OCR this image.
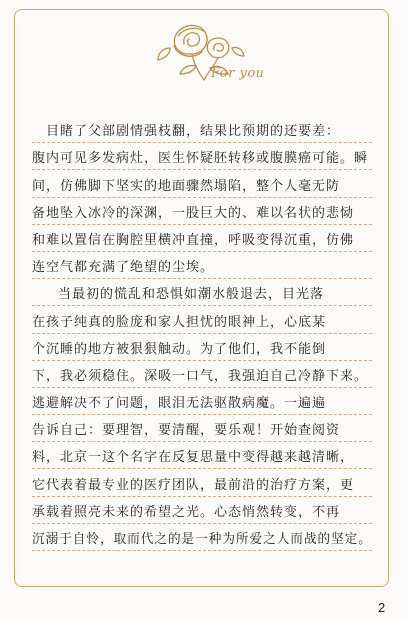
For you
目睹了父部剧情强枝翻，结果比预期的还要差：
腹内可见多发病灶，医生怀疑胚转移或腹膜癌可能。瞬
间，仿佛脚下坚实的地面骤然塌陷，整个人毫无防
备地坠入冰冷的深渊，一股巨大的、难以名状的悲恸
和难以置信在胸腔里横冲直撞，呼吸变得沉重，仿佛
连空气都充满了绝望的尘埃。
当最初的慌乱和恐惧如潮水般退去，目光落
在孩子纯真的脸庞和家人担忧的眼神上，心底某
个沉睡的地方被狠狠触动。为了他们，我不能倒
下，我必须稳住。深吸一口气，我强迫自己冷静下来。
逃避解决不了问题，眼泪无法驱散病魔。一遍遍
告诉自己：要理智，要清醒，要乐观！开始查阅资
料，北京一这个名字在反复思量中变得越来越清晰，
它代表着最专业的医疗团队，最前沿的治疗方案，更
承载着照亮未来的希望之光。心态悄然转变，不再
沉溺于自怜，取而代之的是一种为所爱之人而战的坚定。
2
